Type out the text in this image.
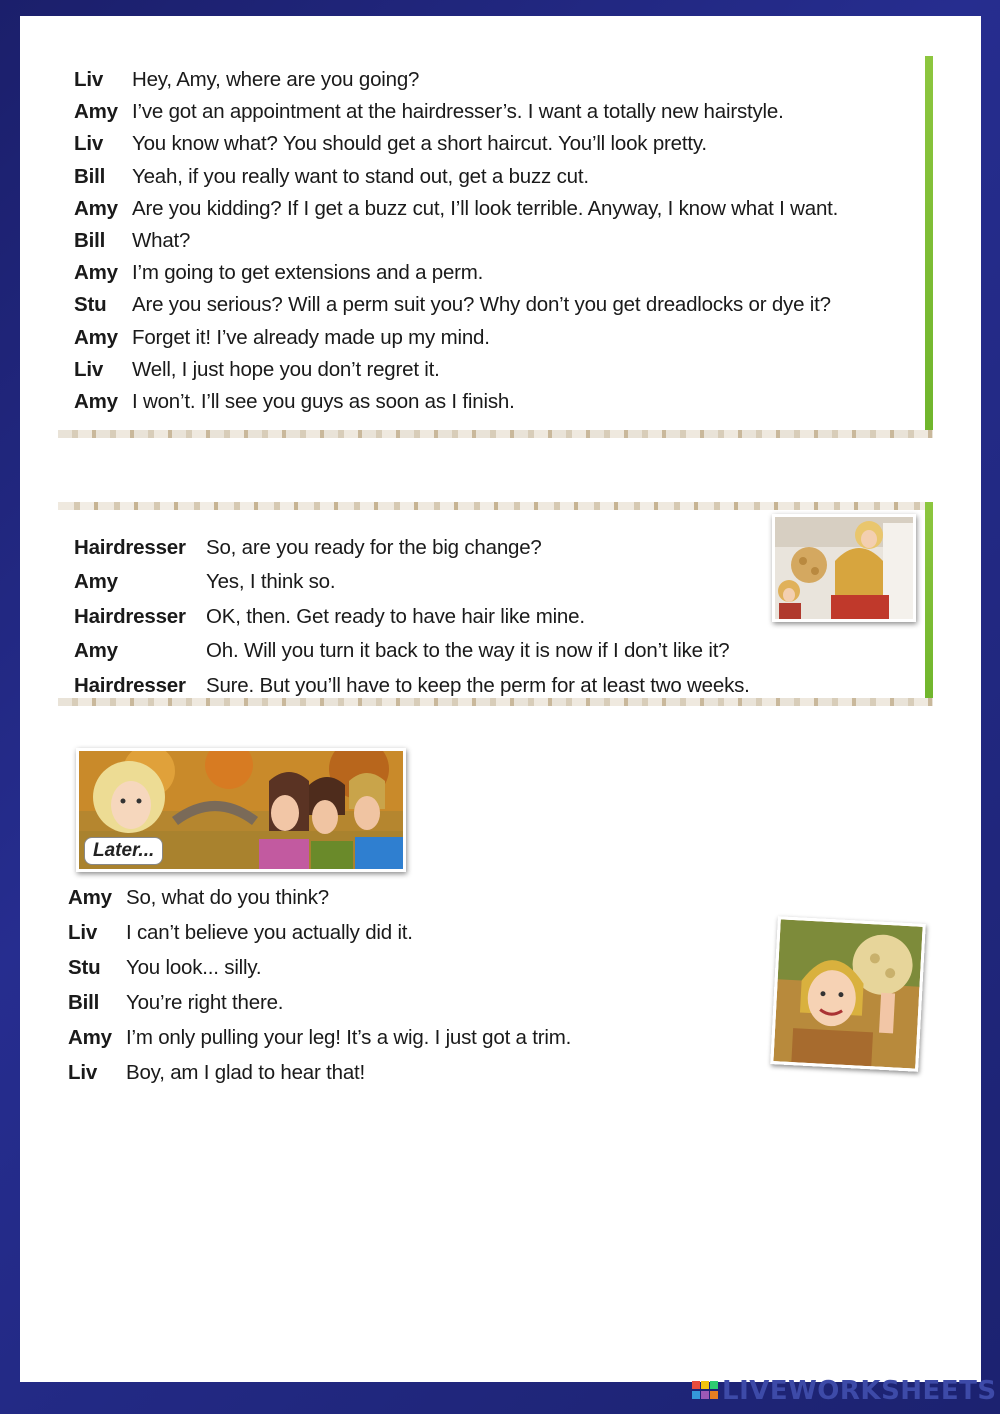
Liv Hey, Amy, where are you going?
Amy I’ve got an appointment at the hairdresser’s. I want a totally new hairstyle.
Liv You know what? You should get a short haircut. You’ll look pretty.
Bill Yeah, if you really want to stand out, get a buzz cut.
Amy Are you kidding? If I get a buzz cut, I’ll look terrible. Anyway, I know what I want.
Bill What?
Amy I’m going to get extensions and a perm.
Stu Are you serious? Will a perm suit you? Why don’t you get dreadlocks or dye it?
Amy Forget it! I’ve already made up my mind.
Liv Well, I just hope you don’t regret it.
Amy I won’t. I’ll see you guys as soon as I finish.
Hairdresser So, are you ready for the big change?
Amy	Yes, I think so.
Hairdresser OK, then. Get ready to have hair like mine.
Amy	Oh. Will you turn it back to the way it is now if I don’t like it?
Hairdresser Sure. But you’ll have to keep the perm for at least two weeks.
Later...
Amy So, what do you think?
Liv I can’t believe you actually did it.
Stu You look... silly.
Bill You’re right there.
Amy I’m only pulling your leg! It’s a wig. I just got a trim.
Liv Boy, am I glad to hear that!
LIVEWORKSHEETS
